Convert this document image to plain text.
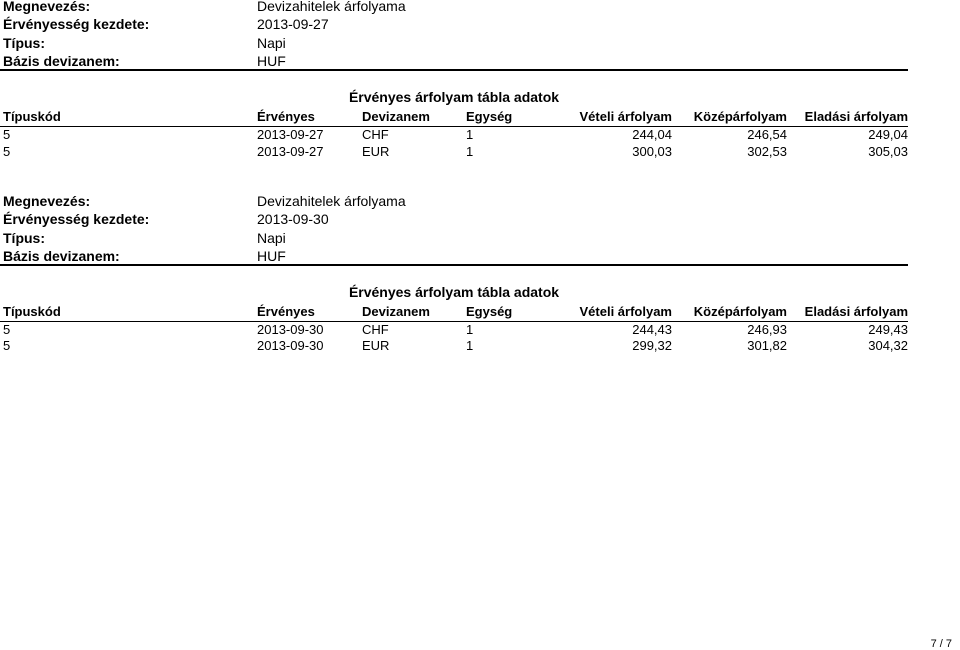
Megnevezés:	Devizahitelek árfolyama
Érvényesség kezdete:	2013-09-27
Típus:	Napi
Bázis devizanem:	HUF
Érvényes árfolyam tábla adatok
Típuskód	Érvényes	Devizanem	Egység	Vételi árfolyam	Középárfolyam	Eladási árfolyam
5	2013-09-27	CHF	1	244,04	246,54	249,04
5	2013-09-27	EUR	1	300,03	302,53	305,03
Megnevezés:	Devizahitelek árfolyama
Érvényesség kezdete:	2013-09-30
Típus:	Napi
Bázis devizanem:	HUF
Érvényes árfolyam tábla adatok
Típuskód	Érvényes	Devizanem	Egység	Vételi árfolyam	Középárfolyam	Eladási árfolyam
5	2013-09-30	CHF	1	244,43	246,93	249,43
5	2013-09-30	EUR	1	299,32	301,82	304,32
7 / 7
